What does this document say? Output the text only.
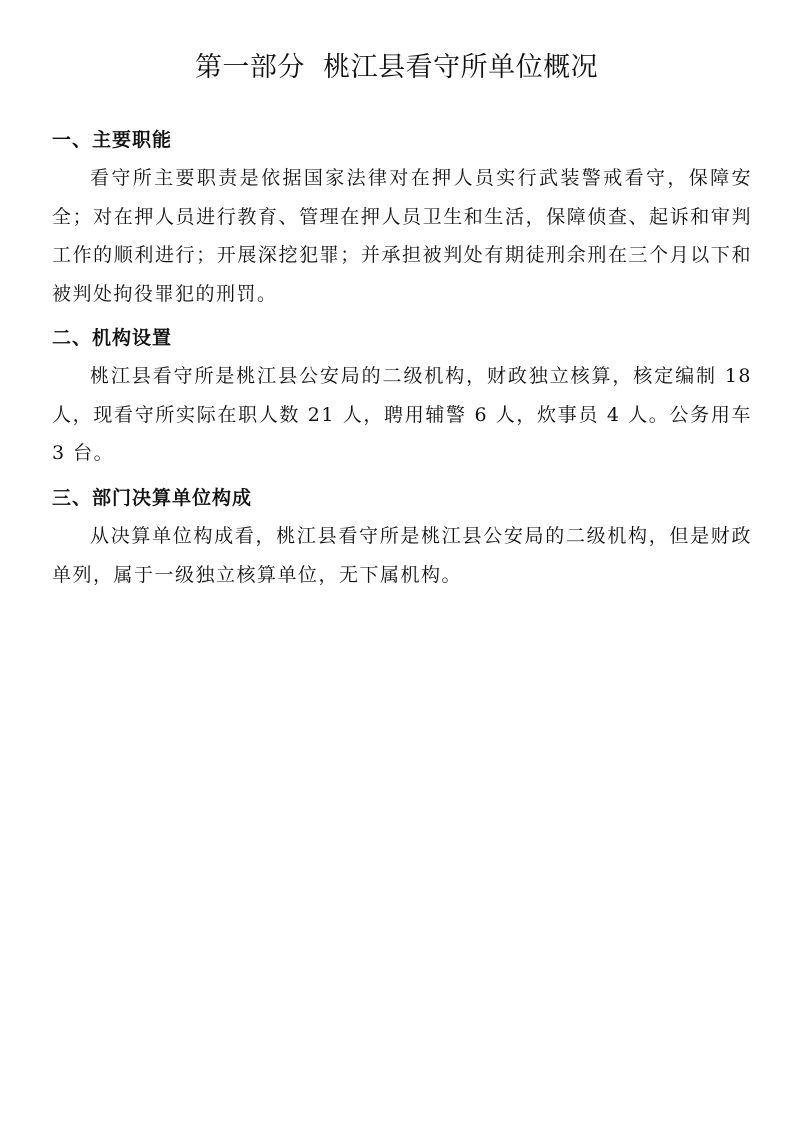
第一部分  桃江县看守所单位概况

一、主要职能

看守所主要职责是依据国家法律对在押人员实行武装警戒看守，保障安全；对在押人员进行教育、管理在押人员卫生和生活，保障侦查、起诉和审判工作的顺利进行；开展深挖犯罪；并承担被判处有期徒刑余刑在三个月以下和被判处拘役罪犯的刑罚。

二、机构设置

桃江县看守所是桃江县公安局的二级机构，财政独立核算，核定编制 18 人，现看守所实际在职人数 21 人，聘用辅警 6 人，炊事员 4 人。公务用车 3 台。

三、部门决算单位构成

从决算单位构成看，桃江县看守所是桃江县公安局的二级机构，但是财政单列，属于一级独立核算单位，无下属机构。
